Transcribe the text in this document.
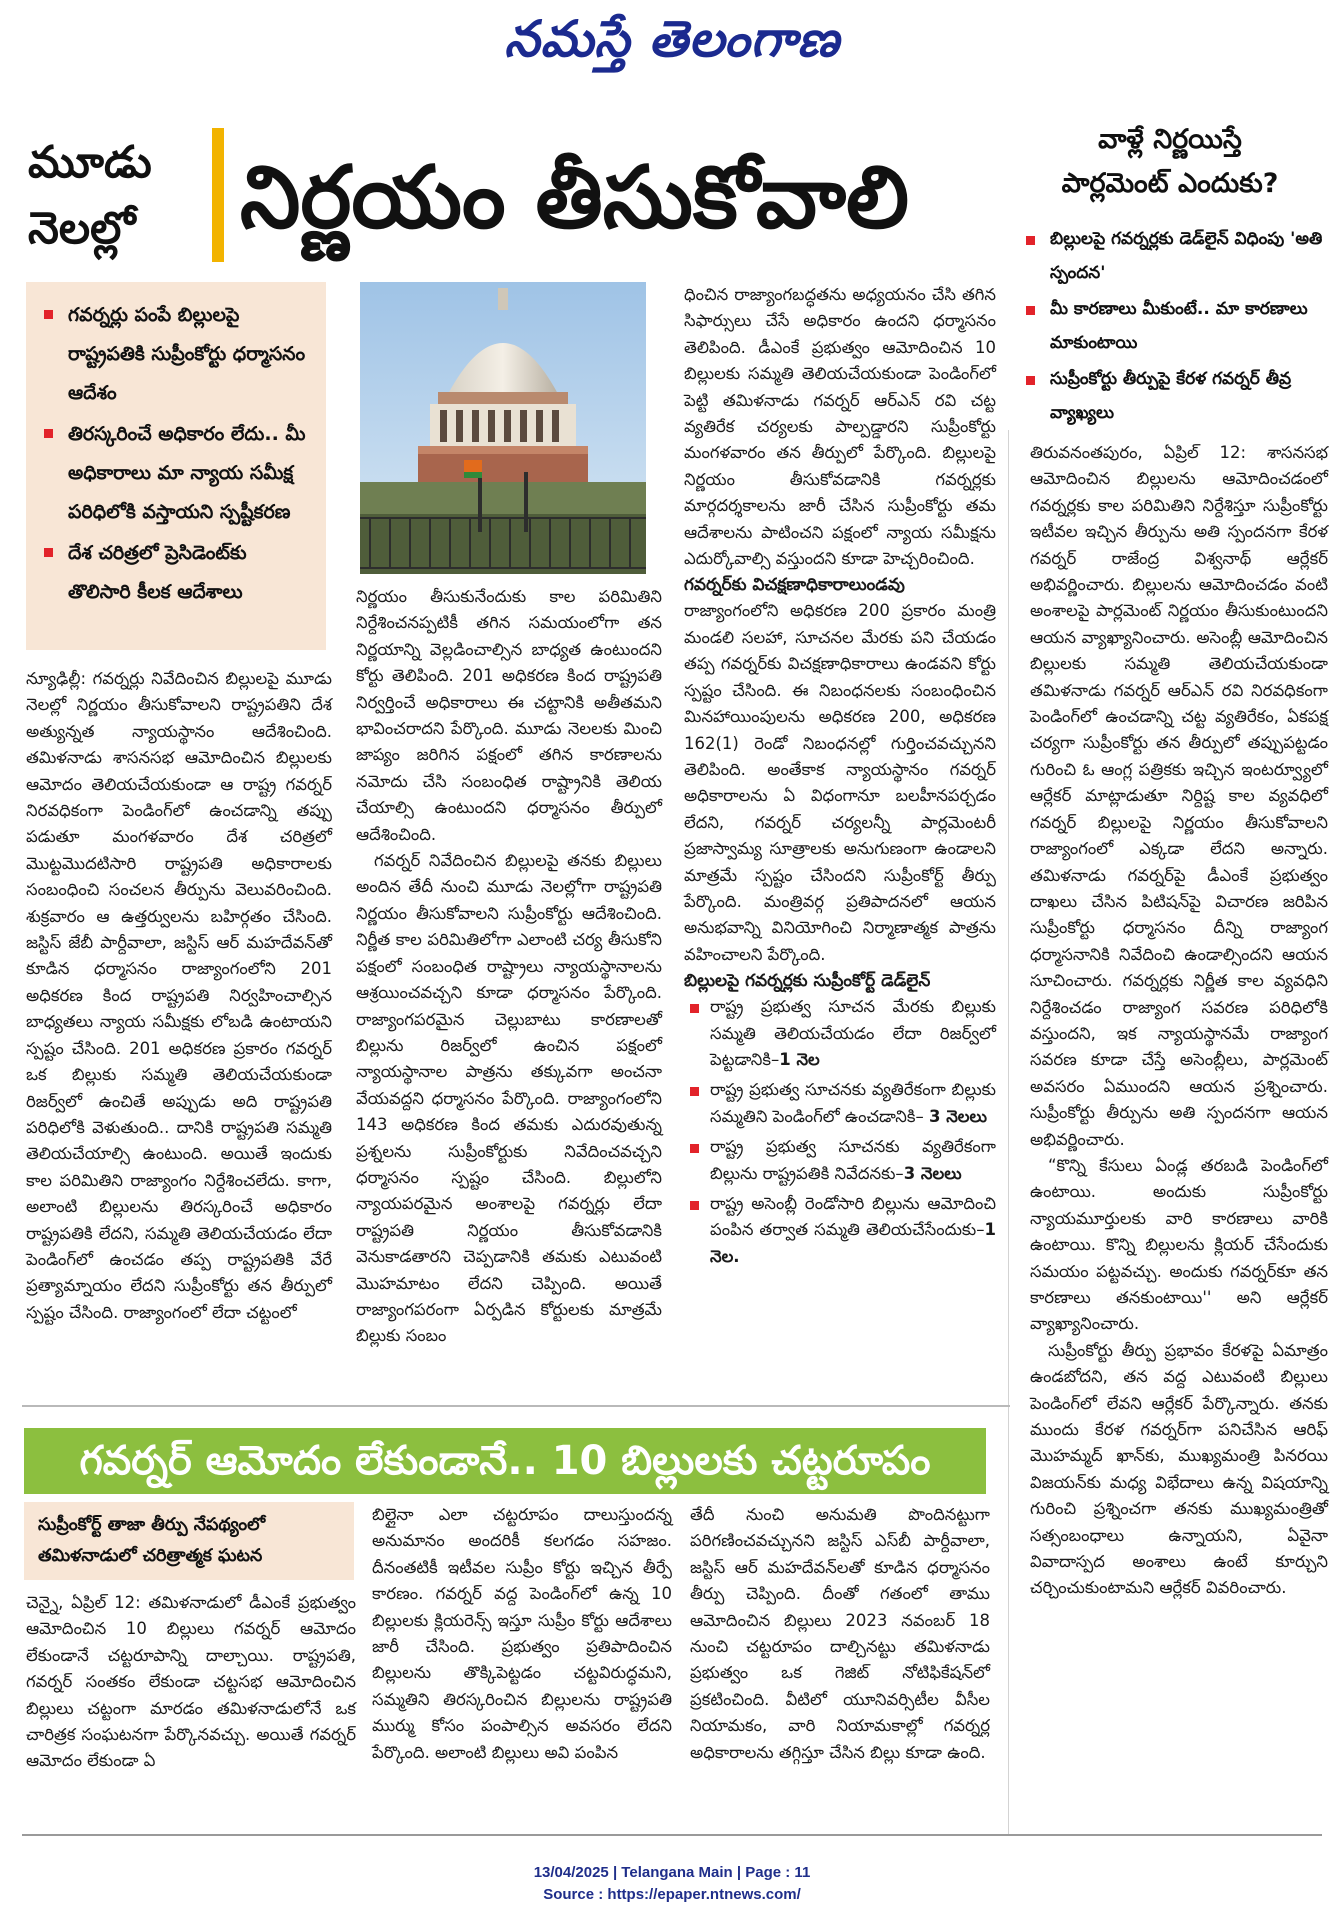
నమస్తే తెలంగాణ
మూడు
నెలల్లో	నిర్ణయం తీసుకోవాలి
వాళ్లే నిర్ణయిస్తే
పార్లమెంట్ ఎందుకు?
గవర్నర్లు పంపే బిల్లులపై రాష్ట్రపతికి సుప్రీంకోర్టు ధర్మాసనం ఆదేశం
తిరస్కరించే అధికారం లేదు.. మీ అధికారాలు మా న్యాయ సమీక్ష పరిధిలోకి వస్తాయని స్పష్టీకరణ
దేశ చరిత్రలో ప్రెసిడెంట్‌కు తొలిసారి కీలక ఆదేశాలు

న్యూఢిల్లీ: గవర్నర్లు నివేదించిన బిల్లులపై మూడు నెలల్లో నిర్ణయం తీసుకోవాలని రాష్ట్రపతిని దేశ అత్యున్నత న్యాయస్థానం ఆదేశించింది. తమిళనాడు శాసనసభ ఆమోదించిన బిల్లులకు ఆమోదం తెలియచేయకుండా ఆ రాష్ట్ర గవర్నర్ నిరవధికంగా పెండింగ్‌లో ఉంచడాన్ని తప్పు పడుతూ మంగళవారం దేశ చరిత్రలో మొట్టమొదటిసారి రాష్ట్రపతి అధికారాలకు సంబంధించి సంచలన తీర్పును వెలువరించింది. శుక్రవారం ఆ ఉత్తర్వులను బహిర్గతం చేసింది. జస్టిస్ జేబీ పార్దీవాలా, జస్టిస్ ఆర్ మహదేవన్‌తో కూడిన ధర్మాసనం రాజ్యాంగంలోని 201 అధికరణ కింద రాష్ట్రపతి నిర్వహించాల్సిన బాధ్యతలు న్యాయ సమీక్షకు లోబడి ఉంటాయని స్పష్టం చేసింది. 201 అధికరణ ప్రకారం గవర్నర్ ఒక బిల్లుకు సమ్మతి తెలియచేయకుండా రిజర్వ్‌లో ఉంచితే అప్పుడు అది రాష్ట్రపతి పరిధిలోకి వెళుతుంది.. దానికి రాష్ట్రపతి సమ్మతి తెలియచేయాల్సి ఉంటుంది. అయితే ఇందుకు కాల పరిమితిని రాజ్యాంగం నిర్దేశించలేదు. కాగా, అలాంటి బిల్లులను తిరస్కరించే అధికారం రాష్ట్రపతికి లేదని, సమ్మతి తెలియచేయడం లేదా పెండింగ్‌లో ఉంచడం తప్ప రాష్ట్రపతికి వేరే ప్రత్యామ్నాయం లేదని సుప్రీంకోర్టు తన తీర్పులో స్పష్టం చేసింది. రాజ్యాంగంలో లేదా చట్టంలో

నిర్ణయం తీసుకునేందుకు కాల పరిమితిని నిర్దేశించనప్పటికీ తగిన సమయంలోగా తన నిర్ణయాన్ని వెల్లడించాల్సిన బాధ్యత ఉంటుందని కోర్టు తెలిపింది. 201 అధికరణ కింద రాష్ట్రపతి నిర్వర్తించే అధికారాలు ఈ చట్టానికి అతీతమని భావించరాదని పేర్కొంది. మూడు నెలలకు మించి జాప్యం జరిగిన పక్షంలో తగిన కారణాలను నమోదు చేసి సంబంధిత రాష్ట్రానికి తెలియ చేయాల్సి ఉంటుందని ధర్మాసనం తీర్పులో ఆదేశించింది.

గవర్నర్ నివేదించిన బిల్లులపై తనకు బిల్లులు అందిన తేదీ నుంచి మూడు నెలల్లోగా రాష్ట్రపతి నిర్ణయం తీసుకోవాలని సుప్రీంకోర్టు ఆదేశించింది. నిర్ణీత కాల పరిమితిలోగా ఎలాంటి చర్య తీసుకోని పక్షంలో సంబంధిత రాష్ట్రాలు న్యాయస్థానాలను ఆశ్రయించవచ్చని కూడా ధర్మాసనం పేర్కొంది. రాజ్యాంగపరమైన చెల్లుబాటు కారణాలతో బిల్లును రిజర్వ్‌లో ఉంచిన పక్షంలో న్యాయస్థానాల పాత్రను తక్కువగా అంచనా వేయవద్దని ధర్మాసనం పేర్కొంది. రాజ్యాంగంలోని 143 అధికరణ కింద తమకు ఎదురవుతున్న ప్రశ్నలను సుప్రీంకోర్టుకు నివేదించవచ్చని ధర్మాసనం స్పష్టం చేసింది. బిల్లులోని న్యాయపరమైన అంశాలపై గవర్నర్లు లేదా రాష్ట్రపతి నిర్ణయం తీసుకోవడానికి వెనుకాడతారని చెప్పడానికి తమకు ఎటువంటి మొహమాటం లేదని చెప్పింది. అయితే రాజ్యాంగపరంగా ఏర్పడిన కోర్టులకు మాత్రమే బిల్లుకు సంబం

ధించిన రాజ్యాంగబద్ధతను అధ్యయనం చేసి తగిన సిఫార్సులు చేసే అధికారం ఉందని ధర్మాసనం తెలిపింది. డీఎంకే ప్రభుత్వం ఆమోదించిన 10 బిల్లులకు సమ్మతి తెలియచేయకుండా పెండింగ్‌లో పెట్టి తమిళనాడు గవర్నర్ ఆర్‌ఎన్ రవి చట్ట వ్యతిరేక చర్యలకు పాల్పడ్డారని సుప్రీంకోర్టు మంగళవారం తన తీర్పులో పేర్కొంది. బిల్లులపై నిర్ణయం తీసుకోవడానికి గవర్నర్లకు మార్గదర్శకాలను జారీ చేసిన సుప్రీంకోర్టు తమ ఆదేశాలను పాటించని పక్షంలో న్యాయ సమీక్షను ఎదుర్కోవాల్సి వస్తుందని కూడా హెచ్చరించింది.

గవర్నర్‌కు విచక్షణాధికారాలుండవు

రాజ్యాంగంలోని అధికరణ 200 ప్రకారం మంత్రి మండలి సలహా, సూచనల మేరకు పని చేయడం తప్ప గవర్నర్‌కు విచక్షణాధికారాలు ఉండవని కోర్టు స్పష్టం చేసింది. ఈ నిబంధనలకు సంబంధించిన మినహాయింపులను అధికరణ 200, అధికరణ 162(1) రెండో నిబంధనల్లో గుర్తించవచ్చునని తెలిపింది. అంతేకాక న్యాయస్థానం గవర్నర్ అధికారాలను ఏ విధంగానూ బలహీనపర్చడం లేదని, గవర్నర్ చర్యలన్నీ పార్లమెంటరీ ప్రజాస్వామ్య సూత్రాలకు అనుగుణంగా ఉండాలని మాత్రమే స్పష్టం చేసిందని సుప్రీంకోర్ట్ తీర్పు పేర్కొంది. మంత్రివర్గ ప్రతిపాదనలో ఆయన అనుభవాన్ని వినియోగించి నిర్మాణాత్మక పాత్రను వహించాలని పేర్కొంది.

బిల్లులపై గవర్నర్లకు సుప్రీంకోర్ట్ డెడ్‌లైన్
రాష్ట్ర ప్రభుత్వ సూచన మేరకు బిల్లుకు సమ్మతి తెలియచేయడం లేదా రిజర్వ్‌లో పెట్టడానికి–1 నెల
రాష్ట్ర ప్రభుత్వ సూచనకు వ్యతిరేకంగా బిల్లుకు సమ్మతిని పెండింగ్‌లో ఉంచడానికి– 3 నెలలు
రాష్ట్ర ప్రభుత్వ సూచనకు వ్యతిరేకంగా బిల్లును రాష్ట్రపతికి నివేదనకు–3 నెలలు
రాష్ట్ర అసెంబ్లీ రెండోసారి బిల్లును ఆమోదించి పంపిన తర్వాత సమ్మతి తెలియచేసేందుకు–1 నెల.
బిల్లులపై గవర్నర్లకు డెడ్‌లైన్ విధింపు 'అతి స్పందన'
మీ కారణాలు మీకుంటే.. మా కారణాలు మాకుంటాయి
సుప్రీంకోర్టు తీర్పుపై కేరళ గవర్నర్ తీవ్ర వ్యాఖ్యలు

తిరువనంతపురం, ఏప్రిల్ 12: శాసనసభ ఆమోదించిన బిల్లులను ఆమోదించడంలో గవర్నర్లకు కాల పరిమితిని నిర్దేశిస్తూ సుప్రీంకోర్టు ఇటీవల ఇచ్చిన తీర్పును అతి స్పందనగా కేరళ గవర్నర్ రాజేంద్ర విశ్వనాథ్ ఆర్లేకర్ అభివర్ణించారు. బిల్లులను ఆమోదించడం వంటి అంశాలపై పార్లమెంట్ నిర్ణయం తీసుకుంటుందని ఆయన వ్యాఖ్యానించారు. అసెంబ్లీ ఆమోదించిన బిల్లులకు సమ్మతి తెలియచేయకుండా తమిళనాడు గవర్నర్ ఆర్‌ఎన్ రవి నిరవధికంగా పెండింగ్‌లో ఉంచడాన్ని చట్ట వ్యతిరేకం, ఏకపక్ష చర్యగా సుప్రీంకోర్టు తన తీర్పులో తప్పుపట్టడం గురించి ఓ ఆంగ్ల పత్రికకు ఇచ్చిన ఇంటర్వ్యూలో ఆర్లేకర్ మాట్లాడుతూ నిర్దిష్ట కాల వ్యవధిలో గవర్నర్ బిల్లులపై నిర్ణయం తీసుకోవాలని రాజ్యాంగంలో ఎక్కడా లేదని అన్నారు. తమిళనాడు గవర్నర్‌పై డీఎంకే ప్రభుత్వం దాఖలు చేసిన పిటిషన్‌పై విచారణ జరిపిన సుప్రీంకోర్టు ధర్మాసనం దీన్ని రాజ్యాంగ ధర్మాసనానికి నివేదించి ఉండాల్సిందని ఆయన సూచించారు. గవర్నర్లకు నిర్ణీత కాల వ్యవధిని నిర్దేశించడం రాజ్యాంగ సవరణ పరిధిలోకి వస్తుందని, ఇక న్యాయస్థానమే రాజ్యాంగ సవరణ కూడా చేస్తే అసెంబ్లీలు, పార్లమెంట్ అవసరం ఏముందని ఆయన ప్రశ్నించారు. సుప్రీంకోర్టు తీర్పును అతి స్పందనగా ఆయన అభివర్ణించారు.

“కొన్ని కేసులు ఏండ్ల తరబడి పెండింగ్‌లో ఉంటాయి. అందుకు సుప్రీంకోర్టు న్యాయమూర్తులకు వారి కారణాలు వారికి ఉంటాయి. కొన్ని బిల్లులను క్లియర్ చేసేందుకు సమయం పట్టవచ్చు. అందుకు గవర్నర్‌కూ తన కారణాలు తనకుంటాయి'' అని ఆర్లేకర్ వ్యాఖ్యానించారు.

సుప్రీంకోర్టు తీర్పు ప్రభావం కేరళపై ఏమాత్రం ఉండబోదని, తన వద్ద ఎటువంటి బిల్లులు పెండింగ్‌లో లేవని ఆర్లేకర్ పేర్కొన్నారు. తనకు ముందు కేరళ గవర్నర్‌గా పనిచేసిన ఆరిఫ్ మొహమ్మద్ ఖాన్‌కు, ముఖ్యమంత్రి పినరయి విజయన్‌కు మధ్య విభేదాలు ఉన్న విషయాన్ని గురించి ప్రశ్నించగా తనకు ముఖ్యమంత్రితో సత్సంబంధాలు ఉన్నాయని, ఏవైనా వివాదాస్పద అంశాలు ఉంటే కూర్చుని చర్చించుకుంటామని ఆర్లేకర్ వివరించారు.

గవర్నర్ ఆమోదం లేకుండానే.. 10 బిల్లులకు చట్టరూపం
సుప్రీంకోర్ట్ తాజా తీర్పు నేపథ్యంలో తమిళనాడులో చరిత్రాత్మక ఘటన

చెన్నై, ఏప్రిల్ 12: తమిళనాడులో డీఎంకే ప్రభుత్వం ఆమోదించిన 10 బిల్లులు గవర్నర్ ఆమోదం లేకుండానే చట్టరూపాన్ని దాల్చాయి. రాష్ట్రపతి, గవర్నర్ సంతకం లేకుండా చట్టసభ ఆమోదించిన బిల్లులు చట్టంగా మారడం తమిళనాడులోనే ఒక చారిత్రక సంఘటనగా పేర్కొనవచ్చు. అయితే గవర్నర్ ఆమోదం లేకుండా ఏ

బిల్లైనా ఎలా చట్టరూపం దాలుస్తుందన్న అనుమానం అందరికీ కలగడం సహజం. దీనంతటికీ ఇటీవల సుప్రీం కోర్టు ఇచ్చిన తీర్పే కారణం. గవర్నర్ వద్ద పెండింగ్‌లో ఉన్న 10 బిల్లులకు క్లియరెన్స్ ఇస్తూ సుప్రీం కోర్టు ఆదేశాలు జారీ చేసింది. ప్రభుత్వం ప్రతిపాదించిన బిల్లులను తొక్కిపెట్టడం చట్టవిరుద్ధమని, సమ్మతిని తిరస్కరించిన బిల్లులను రాష్ట్రపతి ముర్ము కోసం పంపాల్సిన అవసరం లేదని పేర్కొంది. అలాంటి బిల్లులు అవి పంపిన

తేదీ నుంచి అనుమతి పొందినట్టుగా పరిగణించవచ్చునని జస్టిస్ ఎస్‌బీ పార్దీవాలా, జస్టిస్ ఆర్ మహదేవన్‌లతో కూడిన ధర్మాసనం తీర్పు చెప్పింది. దీంతో గతంలో తాము ఆమోదించిన బిల్లులు 2023 నవంబర్ 18 నుంచి చట్టరూపం దాల్చినట్టు తమిళనాడు ప్రభుత్వం ఒక గెజిట్ నోటిఫికేషన్‌లో ప్రకటించింది. వీటిలో యూనివర్సిటీల వీసీల నియామకం, వారి నియామకాల్లో గవర్నర్ల అధికారాలను తగ్గిస్తూ చేసిన బిల్లు కూడా ఉంది.

13/04/2025 | Telangana Main | Page : 11
Source : https://epaper.ntnews.com/
